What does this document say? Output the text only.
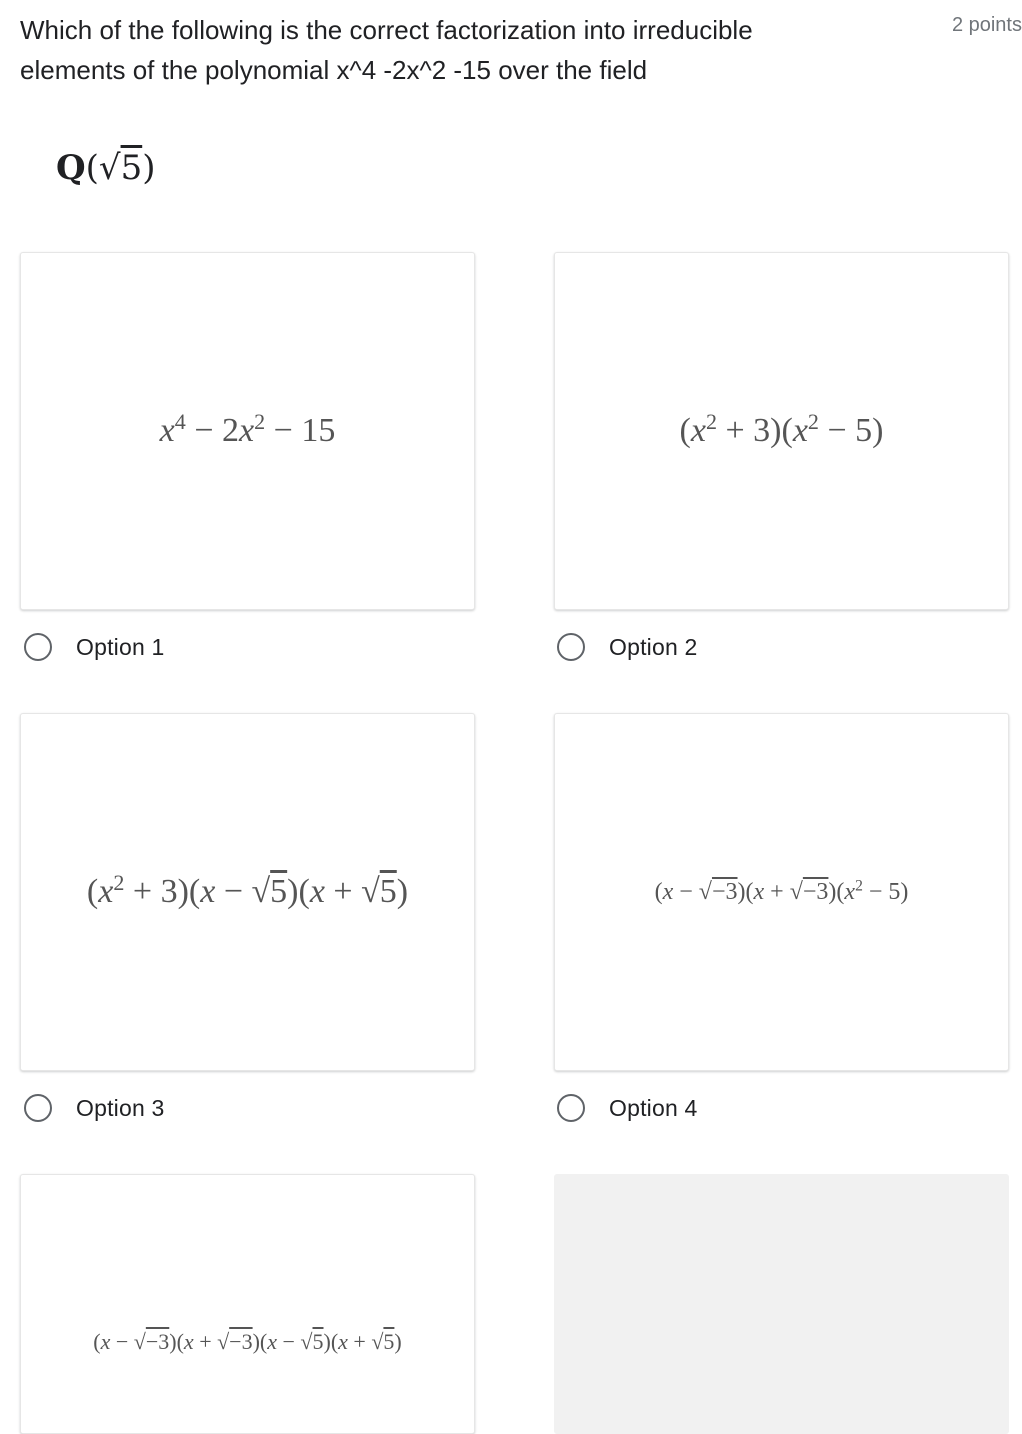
Which of the following is the correct factorization into irreducible
elements of the polynomial x^4 -2x^2 -15 over the field
2 points
Q(√5)
$x^4 - 2x^2 - 15$
Option 1
$(x^2 + 3)(x^2 - 5)$
Option 2
$(x^2 + 3)(x - √5)(x + √5)$
Option 3
$(x - √-3)(x + √-3)(x^2 - 5)$
Option 4
(x − √−3)(x + √−3)(x − √5)(x + √5)
